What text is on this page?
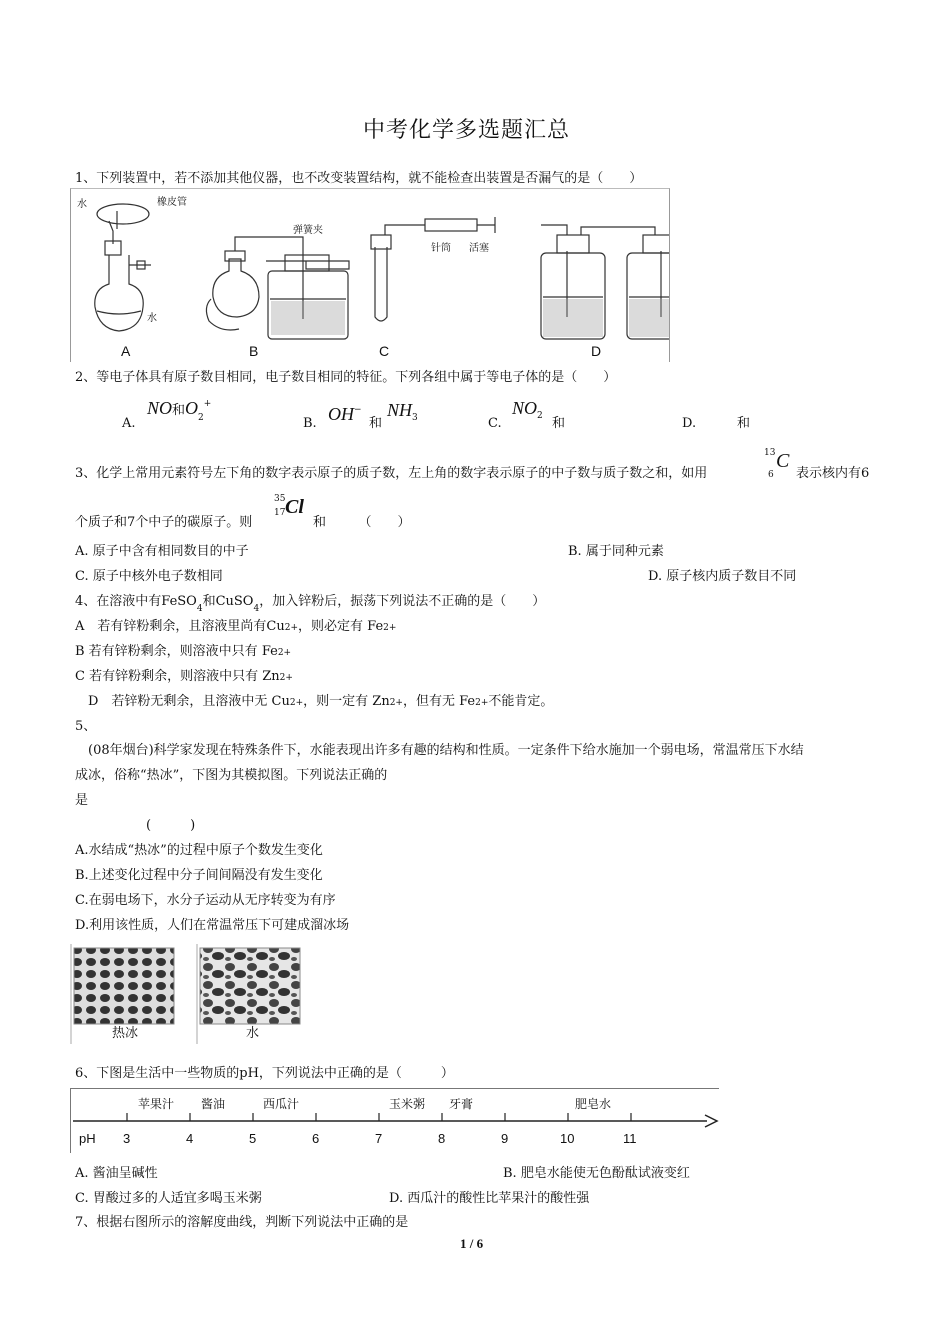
中考化学多选题汇总
1、下列装置中，若不添加其他仪器，也不改变装置结构，就不能检查出装置是否漏气的是（　　）
水	橡皮管
水
弹簧夹
针筒 活塞
A	B	C	D
2、等电子体具有原子数目相同，电子数目相同的特征。下列各组中属于等电子体的是（　　）
A.
NO和$O_2^+$
B. OH−
和
$NH_3$	C.
$NO_2$ 和	D.	和
3、化学上常用元素符号左下角的数字表示原子的质子数，左上角的数字表示原子的中子数与质子数之和，如用
13
6
C
表示核内有6
个质子和7个中子的碳原子。则
35
17 Cl
和　　　（　　）
A. 原子中含有相同数目的中子	B. 属于同种元素
C. 原子中核外电子数相同	D. 原子核内质子数目不同
4、在溶液中有FeSO$_4$和CuSO$_4$，加入锌粉后，振荡下列说法不正确的是（　　）
A　若有锌粉剩余，且溶液里尚有Cu2+，则必定有 Fe2+
B 若有锌粉剩余，则溶液中只有 Fe2+
C 若有锌粉剩余，则溶液中只有 Zn2+
D　若锌粉无剩余，且溶液中无 Cu2+，则一定有 Zn2+，但有无 Fe2+不能肯定。
5、
(08年烟台)科学家发现在特殊条件下，水能表现出许多有趣的结构和性质。一定条件下给水施加一个弱电场，常温常压下水结
成冰，俗称“热冰”，下图为其模拟图。下列说法正确的
是
(　　　)
A.水结成“热冰”的过程中原子个数发生变化
B.上述变化过程中分子间间隔没有发生变化
C.在弱电场下，水分子运动从无序转变为有序
D.利用该性质，人们在常温常压下可建成溜冰场
热冰	水
6、下图是生活中一些物质的pH，下列说法中正确的是（　　　）
pH 3	4	5	6	7	8	9	10	11
苹果汁 酱油	西瓜汁	玉米粥 牙膏	肥皂水
A. 酱油呈碱性	B. 肥皂水能使无色酚酞试液变红
C. 胃酸过多的人适宜多喝玉米粥	D. 西瓜汁的酸性比苹果汁的酸性强
7、根据右图所示的溶解度曲线，判断下列说法中正确的是
1 / 6
